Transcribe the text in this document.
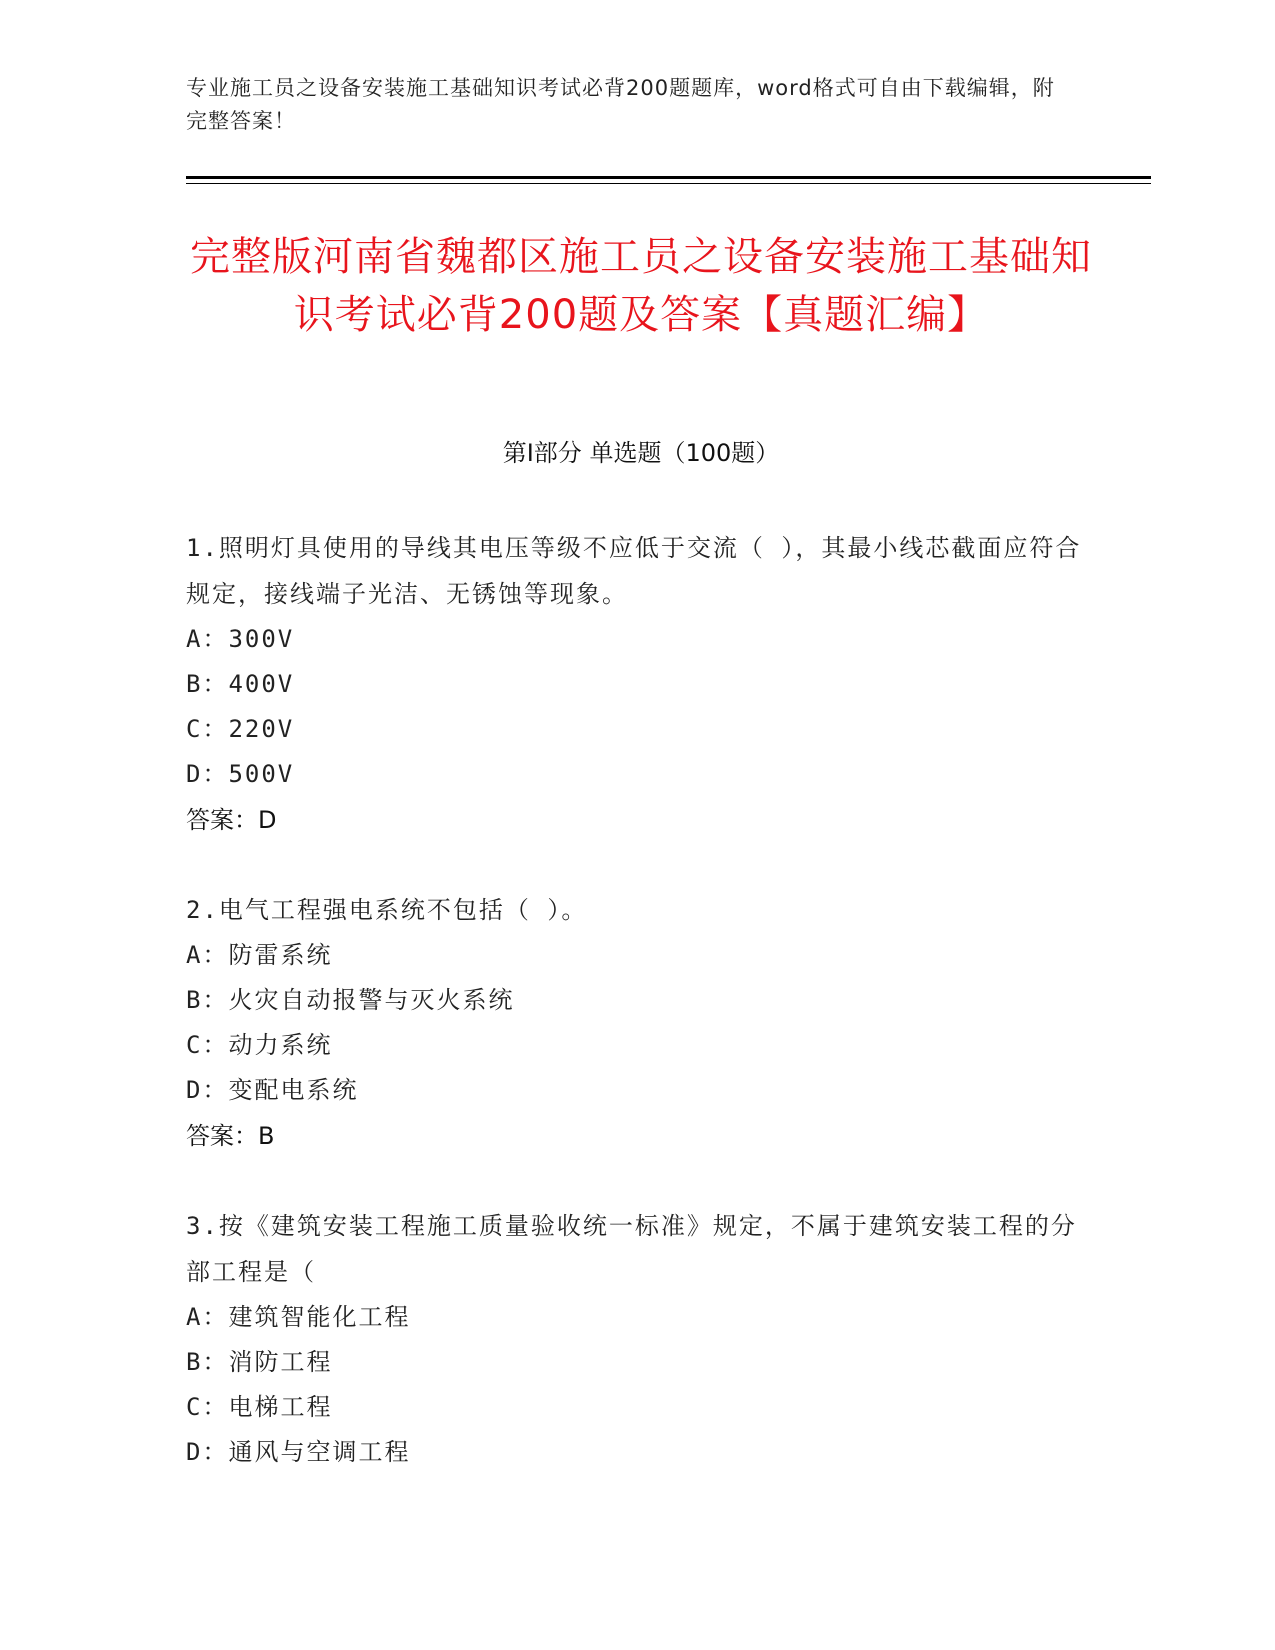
专业施工员之设备安装施工基础知识考试必背200题题库，word格式可自由下载编辑，附完整答案！
完整版河南省魏都区施工员之设备安装施工基础知识考试必背200题及答案【真题汇编】
第I部分 单选题（100题）

1.照明灯具使用的导线其电压等级不应低于交流（ ），其最小线芯截面应符合规定，接线端子光洁、无锈蚀等现象。

A：300V

B：400V

C：220V

D：500V

答案：D

2.电气工程强电系统不包括（ ）。

A：防雷系统

B：火灾自动报警与灭火系统

C：动力系统

D：变配电系统

答案：B

3.按《建筑安装工程施工质量验收统一标准》规定，不属于建筑安装工程的分部工程是（

A：建筑智能化工程

B：消防工程

C：电梯工程

D：通风与空调工程
